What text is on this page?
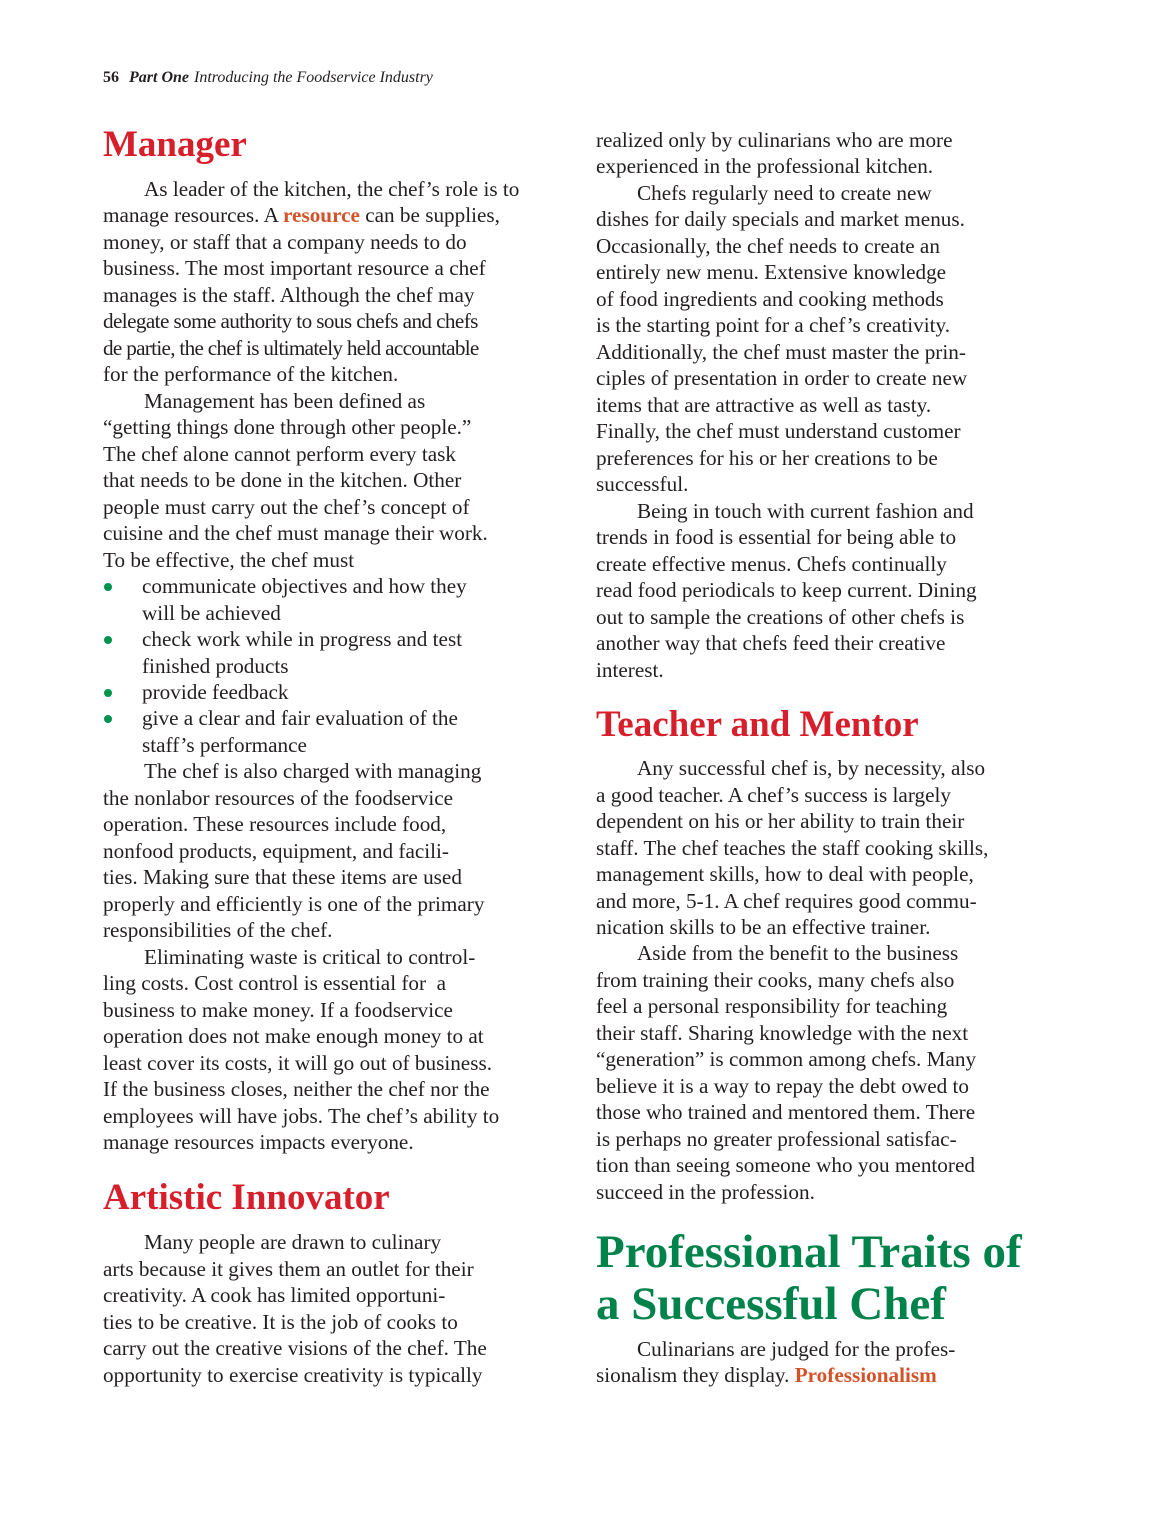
56 Part One Introducing the Foodservice Industry
Manager
As leader of the kitchen, the chef’s role is to
manage resources. A resource can be supplies,
money, or staff that a company needs to do
business. The most important resource a chef
manages is the staff. Although the chef may
delegate some authority to sous chefs and chefs
de partie, the chef is ultimately held accountable
for the performance of the kitchen.
Management has been defined as
“getting things done through other people.”
The chef alone cannot perform every task
that needs to be done in the kitchen. Other
people must carry out the chef’s concept of
cuisine and the chef must manage their work.
To be effective, the chef must
communicate objectives and how they
will be achieved
check work while in progress and test
finished products
provide feedback
give a clear and fair evaluation of the
staff’s performance
The chef is also charged with managing
the nonlabor resources of the foodservice
operation. These resources include food,
nonfood products, equipment, and facili-
ties. Making sure that these items are used
properly and efficiently is one of the primary
responsibilities of the chef.
Eliminating waste is critical to control-
ling costs. Cost control is essential for  a
business to make money. If a foodservice
operation does not make enough money to at
least cover its costs, it will go out of business.
If the business closes, neither the chef nor the
employees will have jobs. The chef’s ability to
manage resources impacts everyone.
Artistic Innovator
Many people are drawn to culinary
arts because it gives them an outlet for their
creativity. A cook has limited opportuni-
ties to be creative. It is the job of cooks to
carry out the creative visions of the chef. The
opportunity to exercise creativity is typically
realized only by culinarians who are more
experienced in the professional kitchen.
Chefs regularly need to create new
dishes for daily specials and market menus.
Occasionally, the chef needs to create an
entirely new menu. Extensive knowledge
of food ingredients and cooking methods
is the starting point for a chef’s creativity.
Additionally, the chef must master the prin-
ciples of presentation in order to create new
items that are attractive as well as tasty.
Finally, the chef must understand customer
preferences for his or her creations to be
successful.
Being in touch with current fashion and
trends in food is essential for being able to
create effective menus. Chefs continually
read food periodicals to keep current. Dining
out to sample the creations of other chefs is
another way that chefs feed their creative
interest.
Teacher and Mentor
Any successful chef is, by necessity, also
a good teacher. A chef’s success is largely
dependent on his or her ability to train their
staff. The chef teaches the staff cooking skills,
management skills, how to deal with people,
and more, 5-1. A chef requires good commu-
nication skills to be an effective trainer.
Aside from the benefit to the business
from training their cooks, many chefs also
feel a personal responsibility for teaching
their staff. Sharing knowledge with the next
“generation” is common among chefs. Many
believe it is a way to repay the debt owed to
those who trained and mentored them. There
is perhaps no greater professional satisfac-
tion than seeing someone who you mentored
succeed in the profession.
Professional Traits of
a Successful Chef
Culinarians are judged for the profes-
sionalism they display. Professionalism
